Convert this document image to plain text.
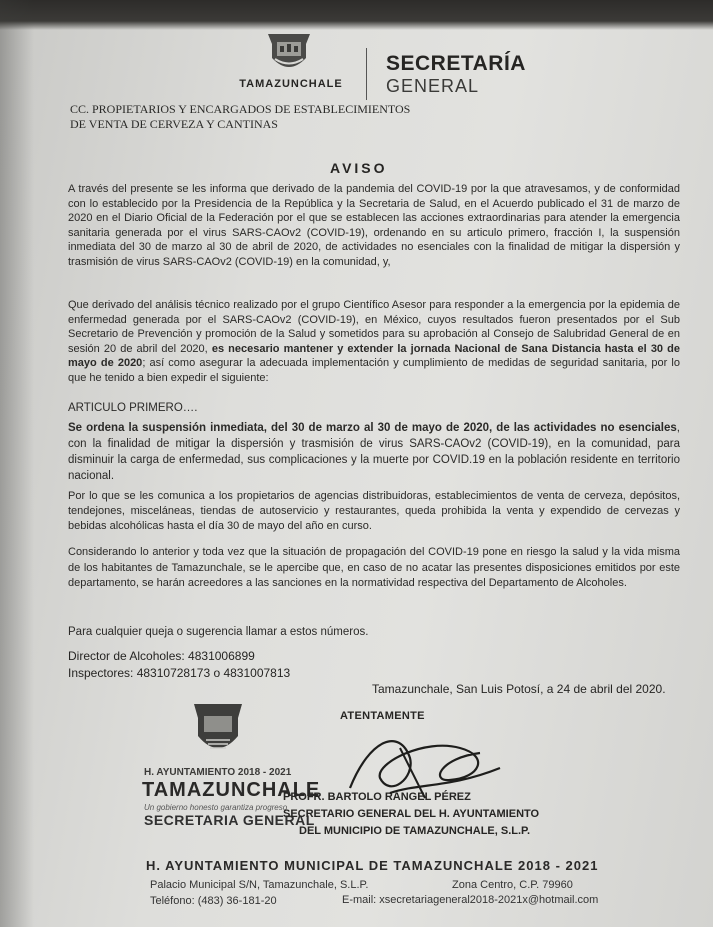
TAMAZUNCHALE
SECRETARÍA
GENERAL
CC. PROPIETARIOS Y ENCARGADOS DE ESTABLECIMIENTOS
DE VENTA DE CERVEZA Y CANTINAS
AVISO
A través del presente se les informa que derivado de la pandemia del COVID-19 por la que atravesamos, y de conformidad con lo establecido por la Presidencia de la República y la Secretaria de Salud, en el Acuerdo publicado el 31 de marzo de 2020 en el Diario Oficial de la Federación por el que se establecen las acciones extraordinarias para atender la emergencia sanitaria generada por el virus SARS-CAOv2 (COVID-19), ordenando en su articulo primero, fracción I, la suspensión inmediata del 30 de marzo al 30 de abril de 2020, de actividades no esenciales con la finalidad de mitigar la dispersión y trasmisión de virus SARS-CAOv2 (COVID-19) en la comunidad, y,
Que derivado del análisis técnico realizado por el grupo Científico Asesor para responder a la emergencia por la epidemia de enfermedad generada por el SARS-CAOv2 (COVID-19), en México, cuyos resultados fueron presentados por el Sub Secretario de Prevención y promoción de la Salud y sometidos para su aprobación al Consejo de Salubridad General de en sesión 20 de abril del 2020, es necesario mantener y extender la jornada Nacional de Sana Distancia hasta el 30 de mayo de 2020; así como asegurar la adecuada implementación y cumplimiento de medidas de seguridad sanitaria, por lo que he tenido a bien expedir el siguiente:
ARTICULO PRIMERO….
Se ordena la suspensión inmediata, del 30 de marzo al 30 de mayo de 2020, de las actividades no esenciales, con la finalidad de mitigar la dispersión y trasmisión de virus SARS-CAOv2 (COVID-19), en la comunidad, para disminuir la carga de enfermedad, sus complicaciones y la muerte por COVID.19 en la población residente en territorio nacional.
Por lo que se les comunica a los propietarios de agencias distribuidoras, establecimientos de venta de cerveza, depósitos, tendejones, misceláneas, tiendas de autoservicio y restaurantes, queda prohibida la venta y expendido de cervezas y bebidas alcohólicas hasta el día 30 de mayo del año en curso.
Considerando lo anterior y toda vez que la situación de propagación del COVID-19 pone en riesgo la salud y la vida misma de los habitantes de Tamazunchale, se le apercibe que, en caso de no acatar las presentes disposiciones emitidos por este departamento, se harán acreedores a las sanciones en la normatividad respectiva del Departamento de Alcoholes.
Para cualquier queja o sugerencia llamar a estos números.
Director de Alcoholes: 4831006899
Inspectores: 48310728173 o 4831007813
Tamazunchale, San Luis Potosí, a 24 de abril del 2020.
ATENTAMENTE
H. AYUNTAMIENTO 2018 - 2021
TAMAZUNCHALE
Un gobierno honesto garantiza progreso
SECRETARIA GENERAL
PROFR. BARTOLO RANGEL PÉREZ
SECRETARIO GENERAL DEL H. AYUNTAMIENTO
DEL MUNICIPIO DE TAMAZUNCHALE, S.L.P.
H. AYUNTAMIENTO MUNICIPAL DE TAMAZUNCHALE 2018 - 2021
Palacio Municipal S/N, Tamazunchale, S.L.P.	Zona Centro, C.P. 79960
Teléfono: (483) 36-181-20	E-mail: xsecretariageneral2018-2021x@hotmail.com
